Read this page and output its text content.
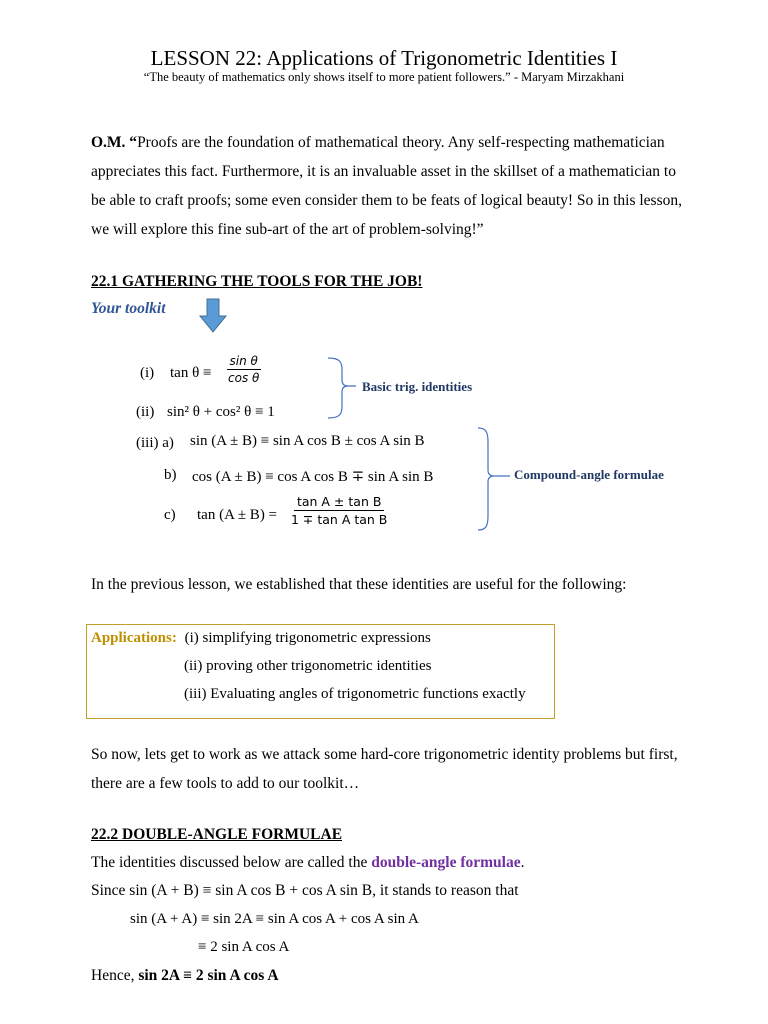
LESSON 22: Applications of Trigonometric Identities I
“The beauty of mathematics only shows itself to more patient followers.” - Maryam Mirzakhani
O.M. “Proofs are the foundation of mathematical theory. Any self-respecting mathematician appreciates this fact. Furthermore, it is an invaluable asset in the skillset of a mathematician to be able to craft proofs; some even consider them to be feats of logical beauty! So in this lesson, we will explore this fine sub-art of the art of problem-solving!”
22.1 GATHERING THE TOOLS FOR THE JOB!
Your toolkit
(i) $\tan \theta \equiv \frac{\text{sin θ}}{\text{cos θ}}$
(ii) sin² θ + cos² θ ≡ 1
Basic trig. identities
(iii) a) sin (A ± B) ≡ sin A cos B ± cos A sin B
b) cos (A ± B) ≡ cos A cos B ∓ sin A sin B
c) $\tan (A \pm B) = \frac{\text{tan A ± tan B}}{\text{1 ∓ tan A tan B}}$
Compound-angle formulae
In the previous lesson, we established that these identities are useful for the following:
Applications: (i) simplifying trigonometric expressions
(ii) proving other trigonometric identities
(iii) Evaluating angles of trigonometric functions exactly
So now, lets get to work as we attack some hard-core trigonometric identity problems but first, there are a few tools to add to our toolkit…
22.2 DOUBLE-ANGLE FORMULAE
The identities discussed below are called the double-angle formulae.
Since sin (A + B) ≡ sin A cos B + cos A sin B, it stands to reason that
sin (A + A) ≡ sin 2A ≡ sin A cos A + cos A sin A
≡ 2 sin A cos A
Hence, sin 2A ≡ 2 sin A cos A
